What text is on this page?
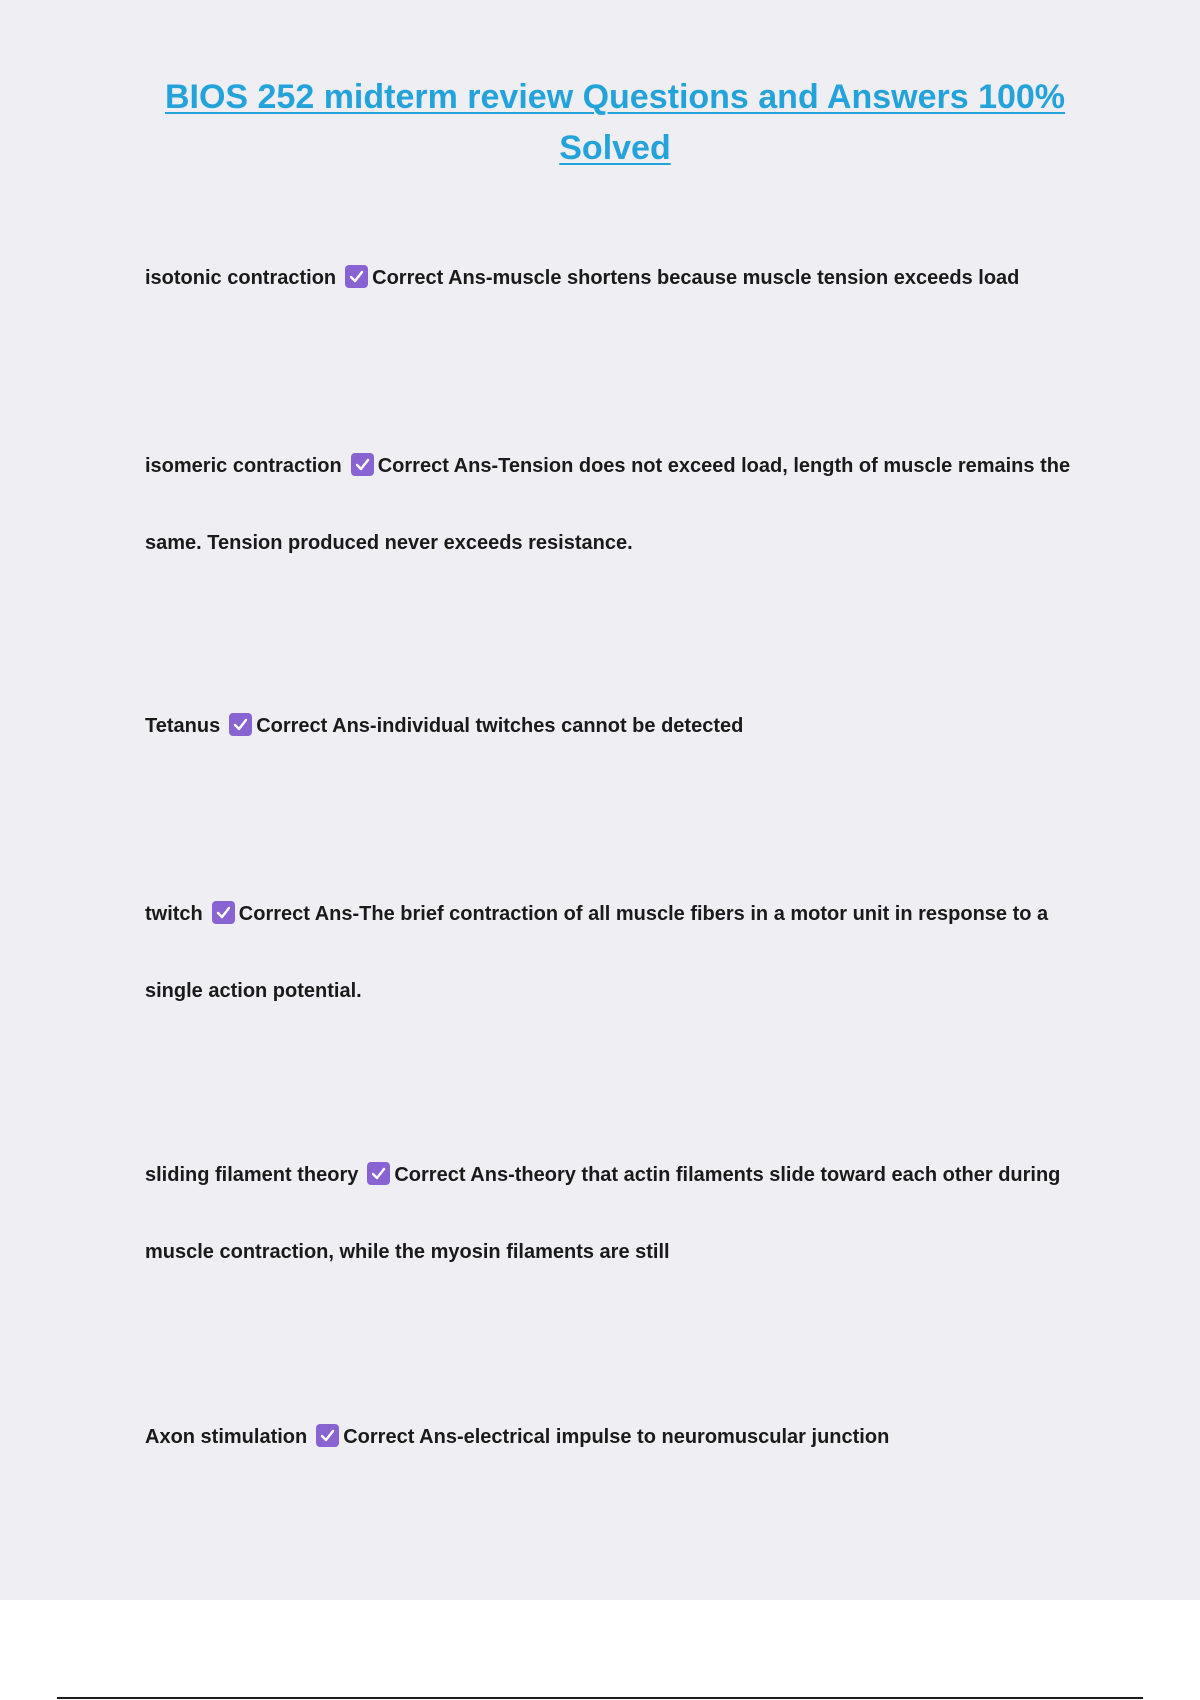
BIOS 252 midterm review Questions and Answers 100% Solved

isotonic contraction Correct Ans-muscle shortens because muscle tension exceeds load

isomeric contraction Correct Ans-Tension does not exceed load, length of muscle remains the same. Tension produced never exceeds resistance.

Tetanus Correct Ans-individual twitches cannot be detected

twitch Correct Ans-The brief contraction of all muscle fibers in a motor unit in response to a single action potential.

sliding filament theory Correct Ans-theory that actin filaments slide toward each other during muscle contraction, while the myosin filaments are still

Axon stimulation Correct Ans-electrical impulse to neuromuscular junction
